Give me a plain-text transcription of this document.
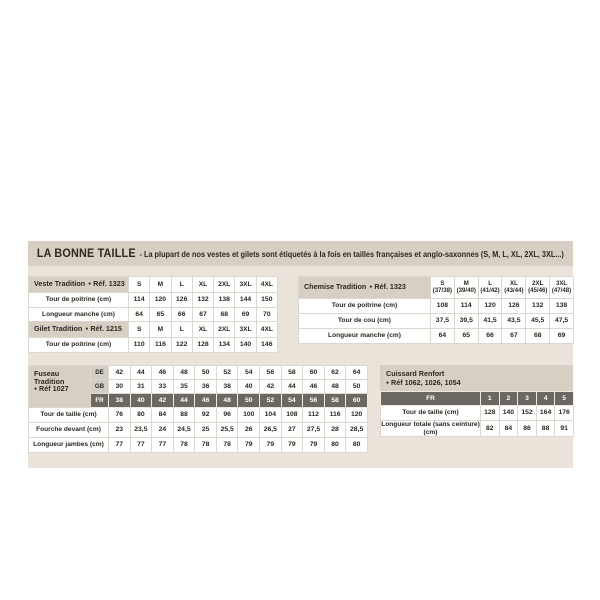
LA BONNE TAILLE - La plupart de nos vestes et gilets sont étiquetés à la fois en tailles françaises et anglo-saxonnes (S, M, L, XL, 2XL, 3XL...)
Veste Tradition ● Réf. 1323	S	M	L	XL	2XL	3XL	4XL
Tour de poitrine (cm)	114	120	126	132	138	144	150
Longueur manche (cm)	64	65	66	67	68	69	70
Gilet Tradition ● Réf. 1215	S	M	L	XL	2XL	3XL	4XL
Tour de poitrine (cm)	110	116	122	128	134	140	146
Chemise Tradition ● Réf. 1323	S (37/38)	M (39/40)	L (41/42)	XL (43/44)	2XL (45/46)	3XL (47/48)
Tour de poitrine (cm)	108	114	120	126	132	138
Tour de cou (cm)	37,5	39,5	41,5	43,5	45,5	47,5
Longueur manche (cm)	64	65	66	67	68	69
Fuseau Tradition
● Réf 1027	DE	42	44	46	48	50	52	54	56	58	60	62	64
	GB	30	31	33	35	36	38	40	42	44	46	48	50
	FR	38	40	42	44	46	48	50	52	54	56	58	60
Tour de taille (cm)		76	80	84	88	92	96	100	104	108	112	116	120
Fourche devant (cm)		23	23,5	24	24,5	25	25,5	26	26,5	27	27,5	28	28,5
Longueur jambes (cm)		77	77	77	78	78	78	79	79	79	79	80	80
Cuissard Renfort
● Réf 1062, 1026, 1054
FR	1	2	3	4	5
Tour de taille (cm)	128	140	152	164	176
Longueur totale (sans ceinture) (cm)	82	84	86	88	91
